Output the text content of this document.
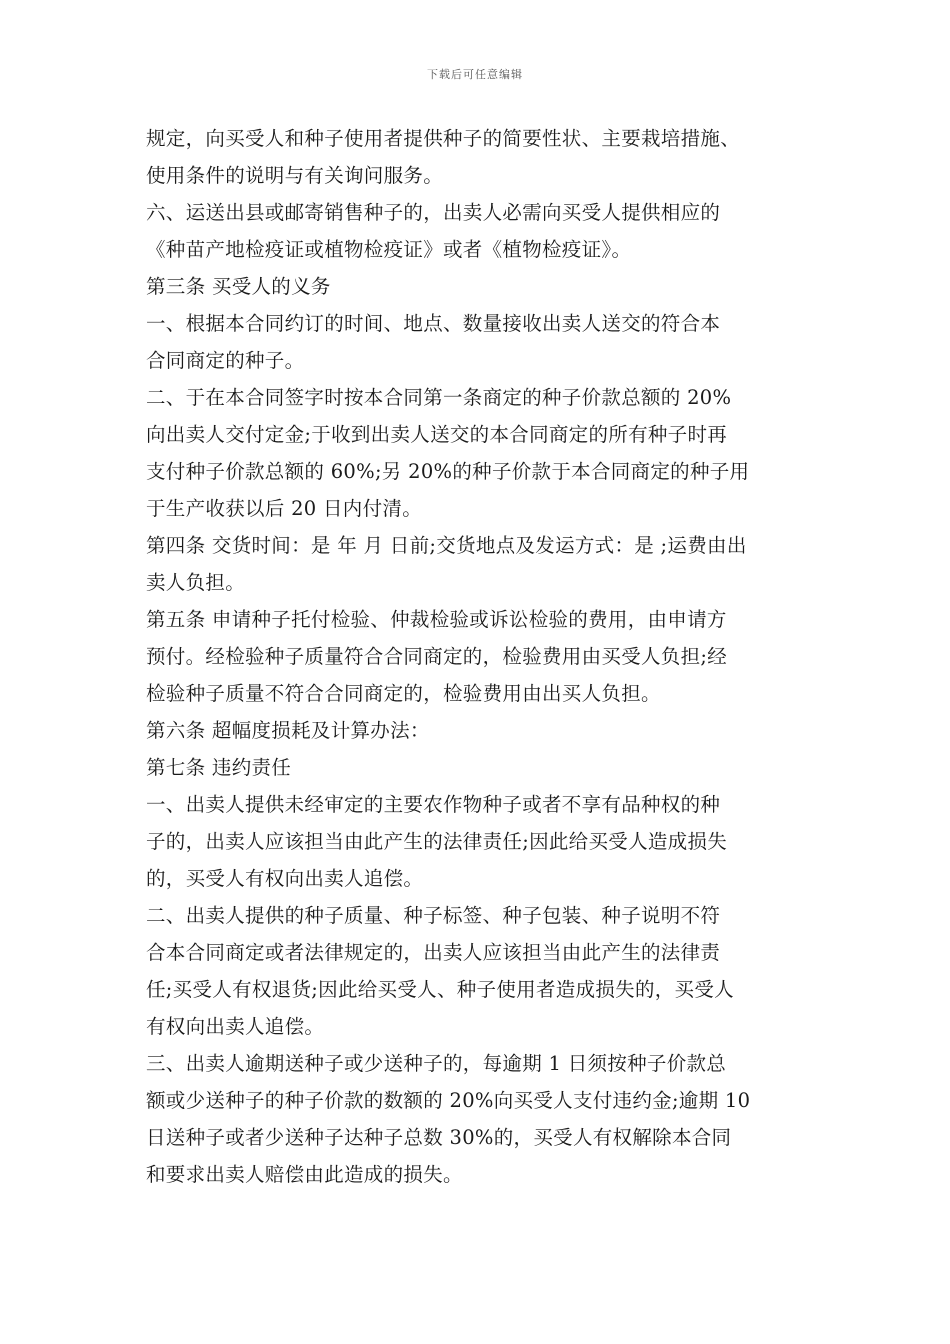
下载后可任意编辑
规定，向买受人和种子使用者提供种子的简要性状、主要栽培措施、
使用条件的说明与有关询问服务。
六、运送出县或邮寄销售种子的，出卖人必需向买受人提供相应的
《种苗产地检疫证或植物检疫证》或者《植物检疫证》。
第三条 买受人的义务
一、根据本合同约订的时间、地点、数量接收出卖人送交的符合本
合同商定的种子。
二、于在本合同签字时按本合同第一条商定的种子价款总额的 20%
向出卖人交付定金;于收到出卖人送交的本合同商定的所有种子时再
支付种子价款总额的 60%;另 20%的种子价款于本合同商定的种子用
于生产收获以后 20 日内付清。
第四条 交货时间：是 年 月 日前;交货地点及发运方式：是 ;运费由出
卖人负担。
第五条 申请种子托付检验、仲裁检验或诉讼检验的费用，由申请方
预付。经检验种子质量符合合同商定的，检验费用由买受人负担;经
检验种子质量不符合合同商定的，检验费用由出买人负担。
第六条 超幅度损耗及计算办法：
第七条 违约责任
一、出卖人提供未经审定的主要农作物种子或者不享有品种权的种
子的，出卖人应该担当由此产生的法律责任;因此给买受人造成损失
的，买受人有权向出卖人追偿。
二、出卖人提供的种子质量、种子标签、种子包装、种子说明不符
合本合同商定或者法律规定的，出卖人应该担当由此产生的法律责
任;买受人有权退货;因此给买受人、种子使用者造成损失的，买受人
有权向出卖人追偿。
三、出卖人逾期送种子或少送种子的，每逾期 1 日须按种子价款总
额或少送种子的种子价款的数额的 20%向买受人支付违约金;逾期 10
日送种子或者少送种子达种子总数 30%的，买受人有权解除本合同
和要求出卖人赔偿由此造成的损失。
